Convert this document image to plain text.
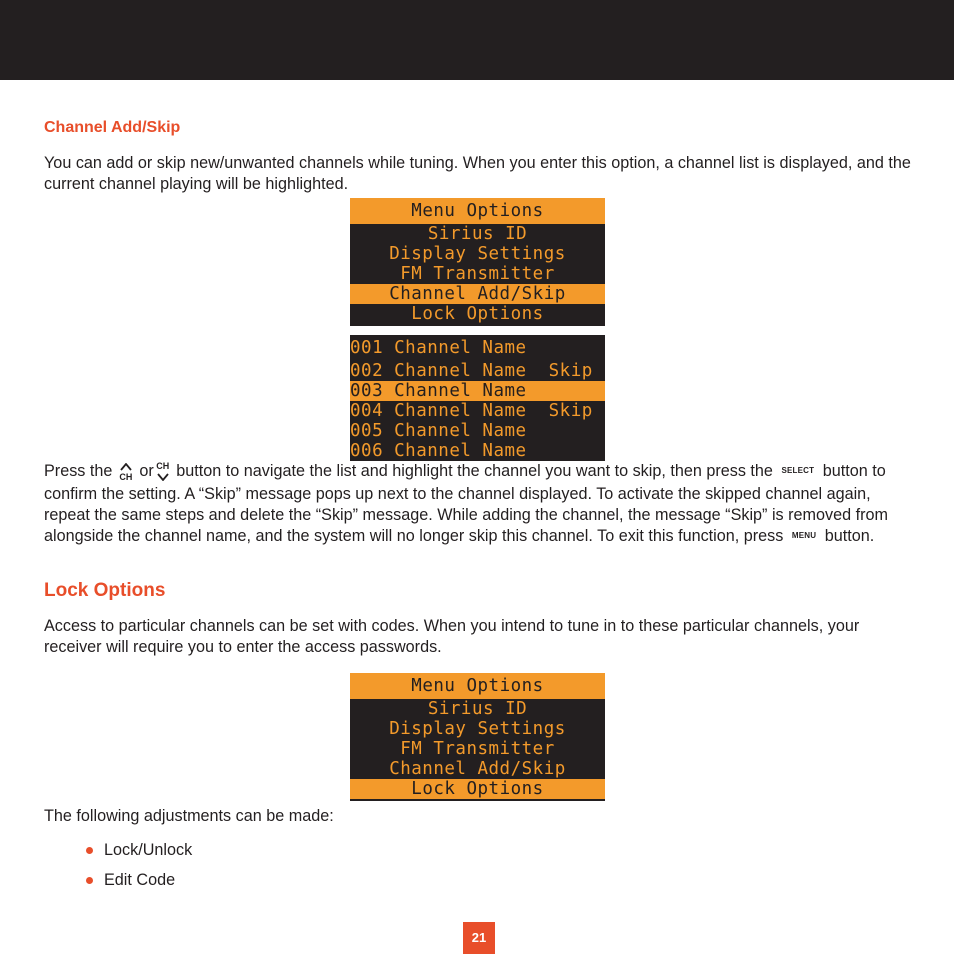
Channel Add/Skip

You can add or skip new/unwanted channels while tuning. When you enter this option, a channel list is displayed, and the current channel playing will be highlighted.

Menu Options
Sirius ID
Display Settings
FM Transmitter
Channel Add/Skip
Lock Options
001 Channel Name
002 Channel Name  Skip
003 Channel Name
004 Channel Name  Skip
005 Channel Name
006 Channel Name

Press the CH or CH button to navigate the list and highlight the channel you want to skip, then press the SELECT button to confirm the setting. A “Skip” message pops up next to the channel displayed. To activate the skipped channel again, repeat the same steps and delete the “Skip” message. While adding the channel, the message “Skip” is removed from alongside the channel name, and the system will no longer skip this channel. To exit this function, press MENU button.

Lock Options

Access to particular channels can be set with codes. When you intend to tune in to these particular channels, your receiver will require you to enter the access passwords.

Menu Options
Sirius ID
Display Settings
FM Transmitter
Channel Add/Skip
Lock Options

The following adjustments can be made:

Lock/Unlock
Edit Code
21
